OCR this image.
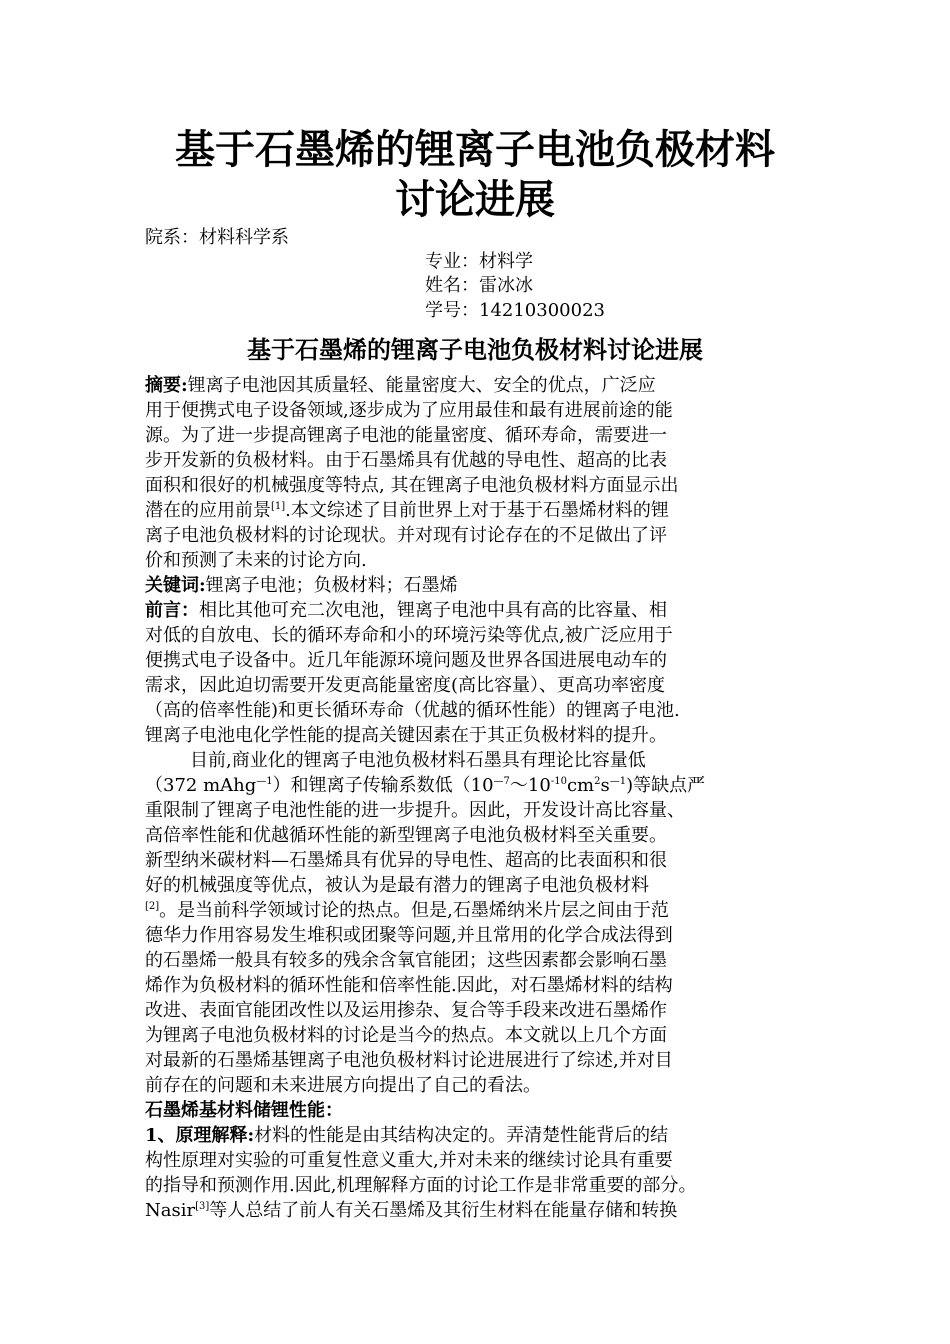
基于石墨烯的锂离子电池负极材料
讨论进展

院系：材料科学系

专业：材料学

姓名：雷冰冰

学号：14210300023

基于石墨烯的锂离子电池负极材料讨论进展

摘要:锂离子电池因其质量轻、能量密度大、安全的优点，广泛应

用于便携式电子设备领域,逐步成为了应用最佳和最有进展前途的能

源。为了进一步提高锂离子电池的能量密度、循环寿命，需要进一

步开发新的负极材料。由于石墨烯具有优越的导电性、超高的比表

面积和很好的机械强度等特点, 其在锂离子电池负极材料方面显示出

潜在的应用前景[1].本文综述了目前世界上对于基于石墨烯材料的锂

离子电池负极材料的讨论现状。并对现有讨论存在的不足做出了评

价和预测了未来的讨论方向.

关键词:锂离子电池；负极材料；石墨烯

前言：相比其他可充二次电池，锂离子电池中具有高的比容量、相

对低的自放电、长的循环寿命和小的环境污染等优点,被广泛应用于

便携式电子设备中。近几年能源环境问题及世界各国进展电动车的

需求，因此迫切需要开发更高能量密度(高比容量）、更高功率密度

（高的倍率性能)和更长循环寿命（优越的循环性能）的锂离子电池.

锂离子电池电化学性能的提高关键因素在于其正负极材料的提升。

目前,商业化的锂离子电池负极材料石墨具有理论比容量低

（372 mAhg$^{—1}$）和锂离子传输系数低$(10^{—7}\sim 10^{-10}cm^2s^{—1})$等缺点严

重限制了锂离子电池性能的进一步提升。因此，开发设计高比容量、

高倍率性能和优越循环性能的新型锂离子电池负极材料至关重要。

新型纳米碳材料—石墨烯具有优异的导电性、超高的比表面积和很

好的机械强度等优点，被认为是最有潜力的锂离子电池负极材料

[2]。是当前科学领域讨论的热点。但是,石墨烯纳米片层之间由于范

德华力作用容易发生堆积或团聚等问题,并且常用的化学合成法得到

的石墨烯一般具有较多的残余含氧官能团；这些因素都会影响石墨

烯作为负极材料的循环性能和倍率性能.因此，对石墨烯材料的结构

改进、表面官能团改性以及运用掺杂、复合等手段来改进石墨烯作

为锂离子电池负极材料的讨论是当今的热点。本文就以上几个方面

对最新的石墨烯基锂离子电池负极材料讨论进展进行了综述,并对目

前存在的问题和未来进展方向提出了自己的看法。

石墨烯基材料储锂性能：

1、原理解释:材料的性能是由其结构决定的。弄清楚性能背后的结

构性原理对实验的可重复性意义重大,并对未来的继续讨论具有重要

的指导和预测作用.因此,机理解释方面的讨论工作是非常重要的部分。

Nasir[3]等人总结了前人有关石墨烯及其衍生材料在能量存储和转换
